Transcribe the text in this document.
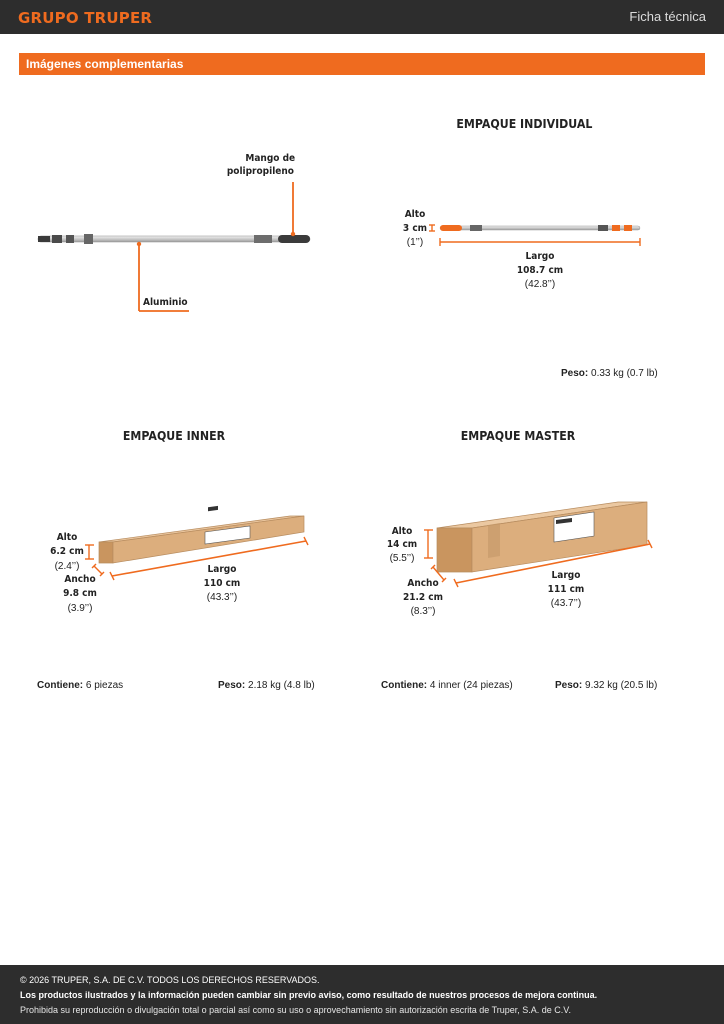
GRUPO TRUPER	Ficha técnica
Imágenes complementarias
Mango de
polipropileno
Aluminio
EMPAQUE INDIVIDUAL
Alto
3 cm
(1’’)
Largo
108.7 cm
(42.8’’)
Peso: 0.33 kg (0.7 lb)
EMPAQUE INNER
Alto
6.2 cm
(2.4’’)
Ancho
9.8 cm
(3.9’’)
Largo
110 cm
(43.3’’)
Contiene: 6 piezas	Peso: 2.18 kg (4.8 lb)
EMPAQUE MASTER
Alto
14 cm
(5.5’’)
Ancho
21.2 cm
(8.3’’)
Largo
111 cm
(43.7’’)
Contiene: 4 inner (24 piezas)	Peso: 9.32 kg (20.5 lb)
© 2026 TRUPER, S.A. DE C.V. TODOS LOS DERECHOS RESERVADOS.
Los productos ilustrados y la información pueden cambiar sin previo aviso, como resultado de nuestros procesos de mejora continua.
Prohibida su reproducción o divulgación total o parcial así como su uso o aprovechamiento sin autorización escrita de Truper, S.A. de C.V.
